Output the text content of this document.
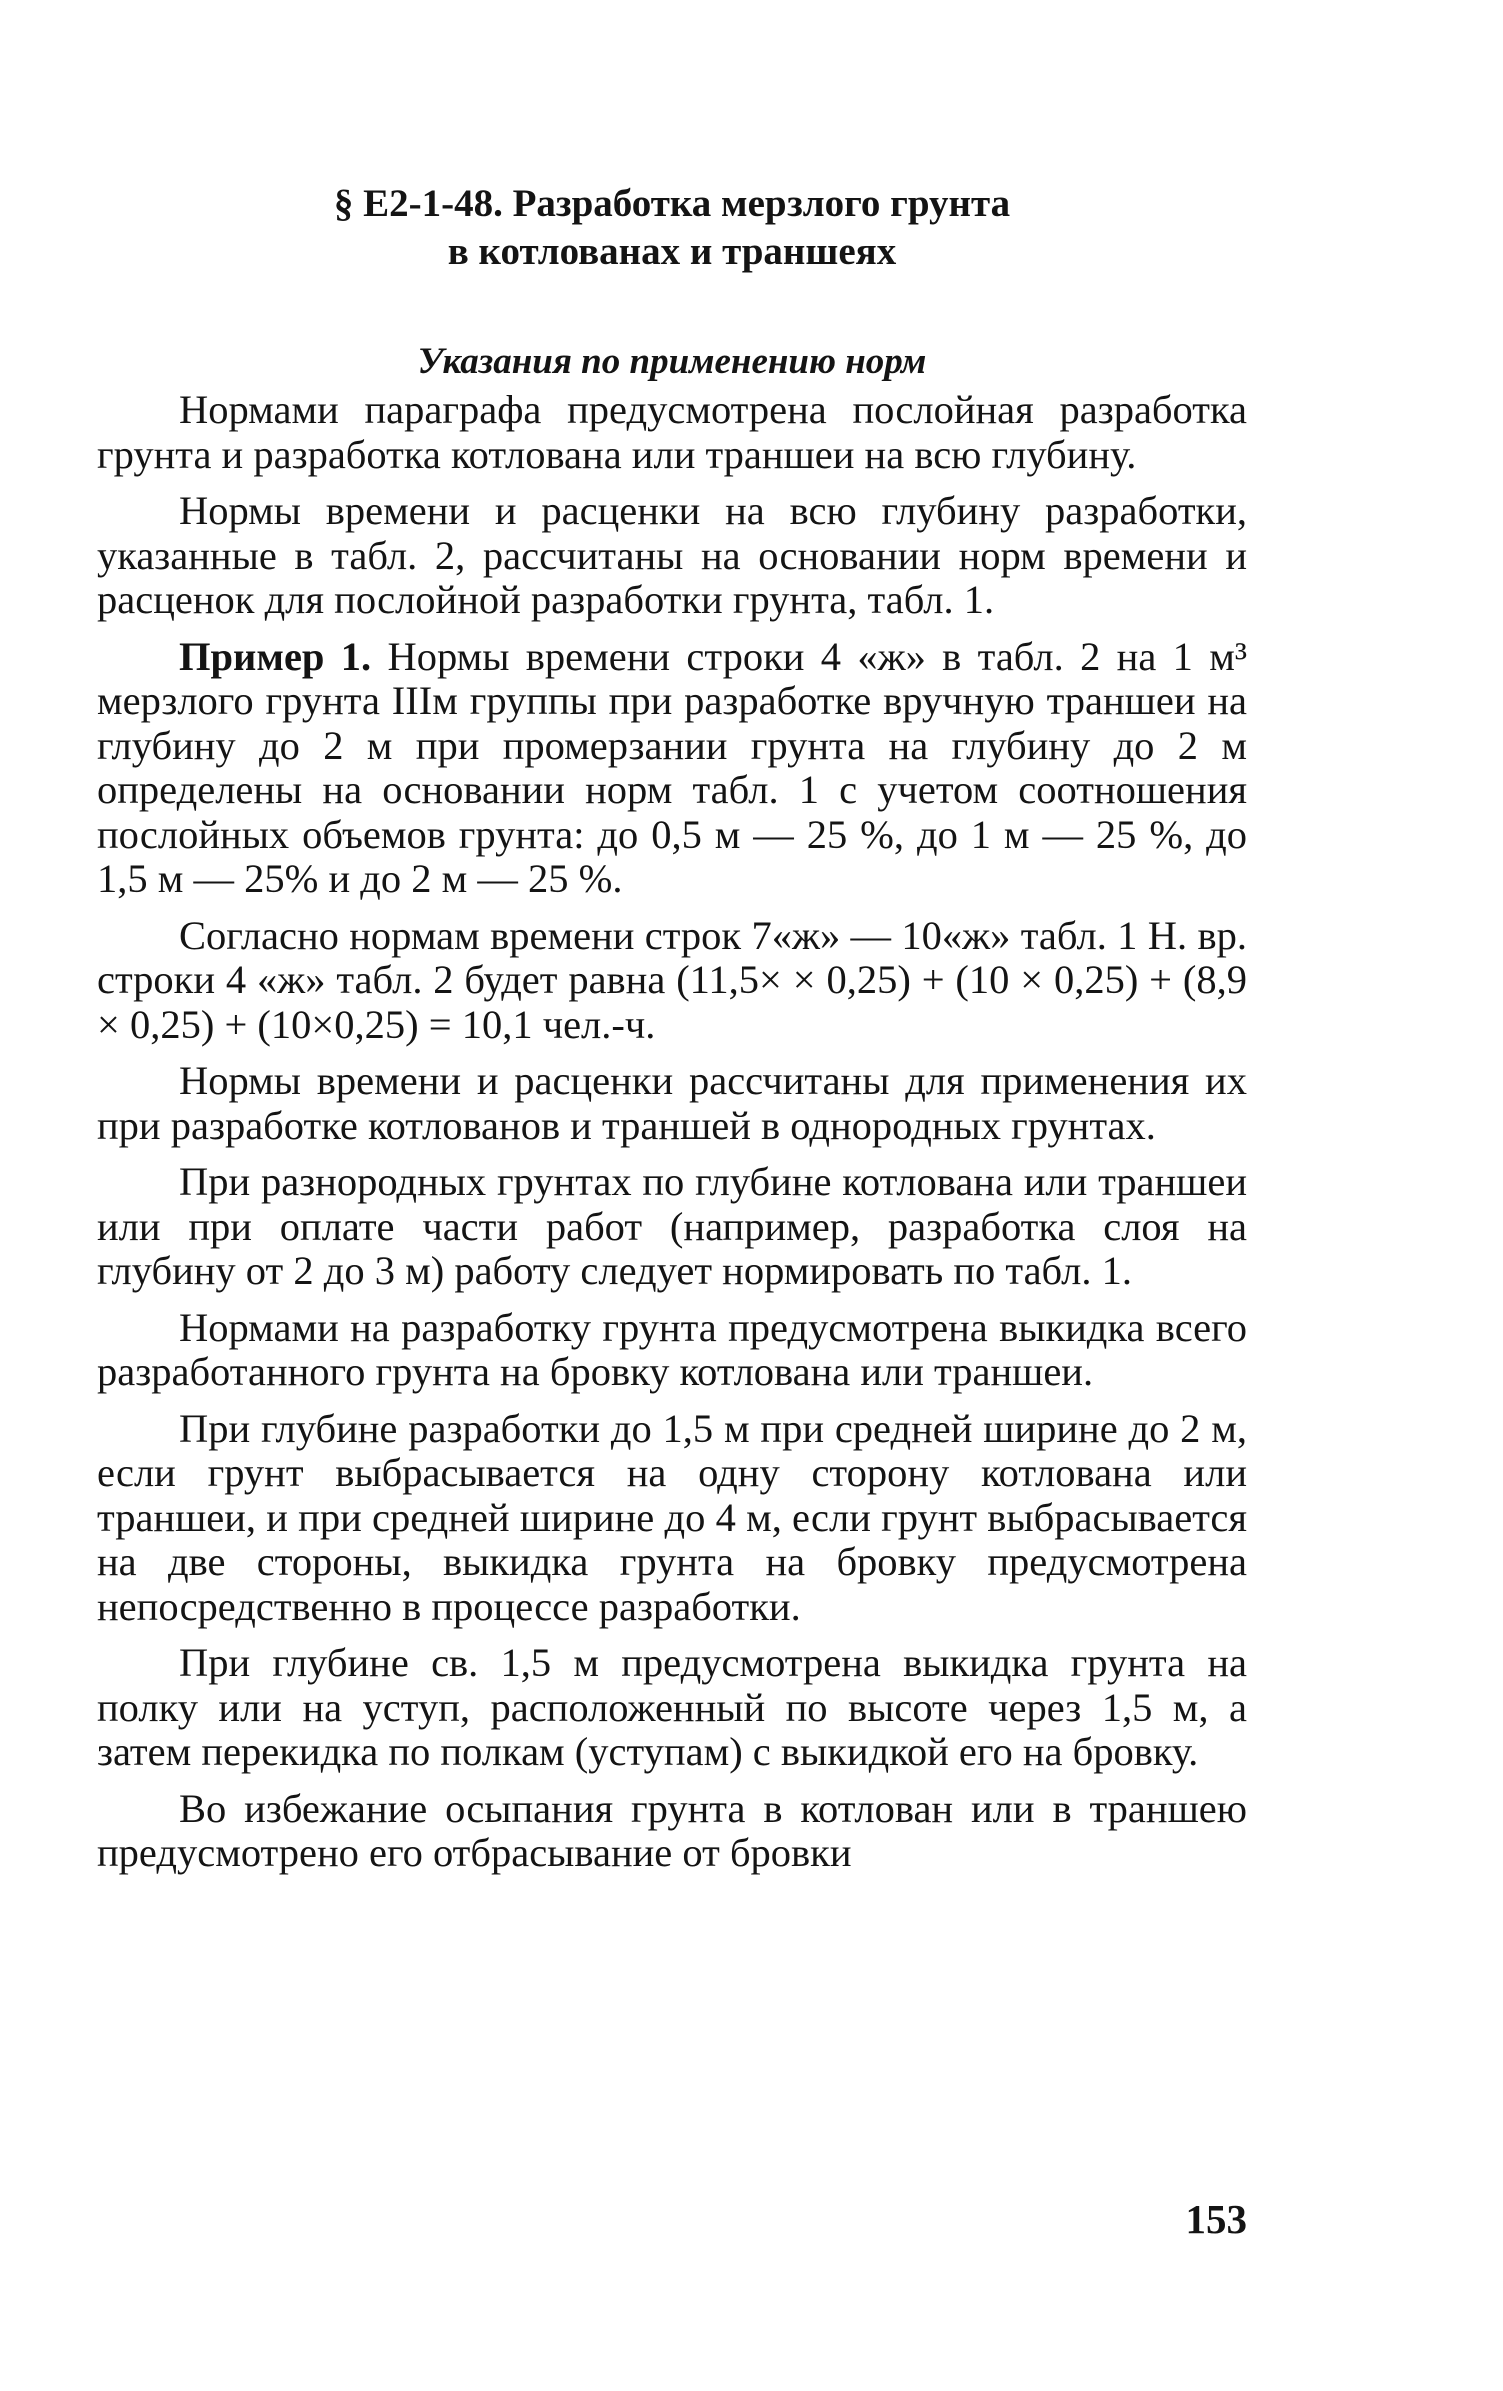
§ Е2-1-48. Разработка мерзлого грунта
в котлованах и траншеях
Указания по применению норм

Нормами параграфа предусмотрена послойная разработка грунта и разработка котлована или траншеи на всю глубину.

Нормы времени и расценки на всю глубину разработки, указанные в табл. 2, рассчитаны на основании норм времени и расценок для послойной разработки грунта, табл. 1.

Пример 1. Нормы времени строки 4 «ж» в табл. 2 на 1 м³ мерзлого грунта IIIм группы при разработке вручную траншеи на глубину до 2 м при промерзании грунта на глубину до 2 м определены на основании норм табл. 1 с учетом соотношения послойных объемов грунта: до 0,5 м — 25 %, до 1 м — 25 %, до 1,5 м — 25% и до 2 м — 25 %.

Согласно нормам времени строк 7«ж» — 10«ж» табл. 1 Н. вр. строки 4 «ж» табл. 2 будет равна (11,5× × 0,25) + (10 × 0,25) + (8,9 × 0,25) + (10×0,25) = 10,1 чел.-ч.

Нормы времени и расценки рассчитаны для применения их при разработке котлованов и траншей в однородных грунтах.

При разнородных грунтах по глубине котлована или траншеи или при оплате части работ (например, разработка слоя на глубину от 2 до 3 м) работу следует нормировать по табл. 1.

Нормами на разработку грунта предусмотрена выкидка всего разработанного грунта на бровку котлована или траншеи.

При глубине разработки до 1,5 м при средней ширине до 2 м, если грунт выбрасывается на одну сторону котлована или траншеи, и при средней ширине до 4 м, если грунт выбрасывается на две стороны, выкидка грунта на бровку предусмотрена непосредственно в процессе разработки.

При глубине св. 1,5 м предусмотрена выкидка грунта на полку или на уступ, расположенный по высоте через 1,5 м, а затем перекидка по полкам (уступам) с выкидкой его на бровку.

Во избежание осыпания грунта в котлован или в траншею предусмотрено его отбрасывание от бровки

153
